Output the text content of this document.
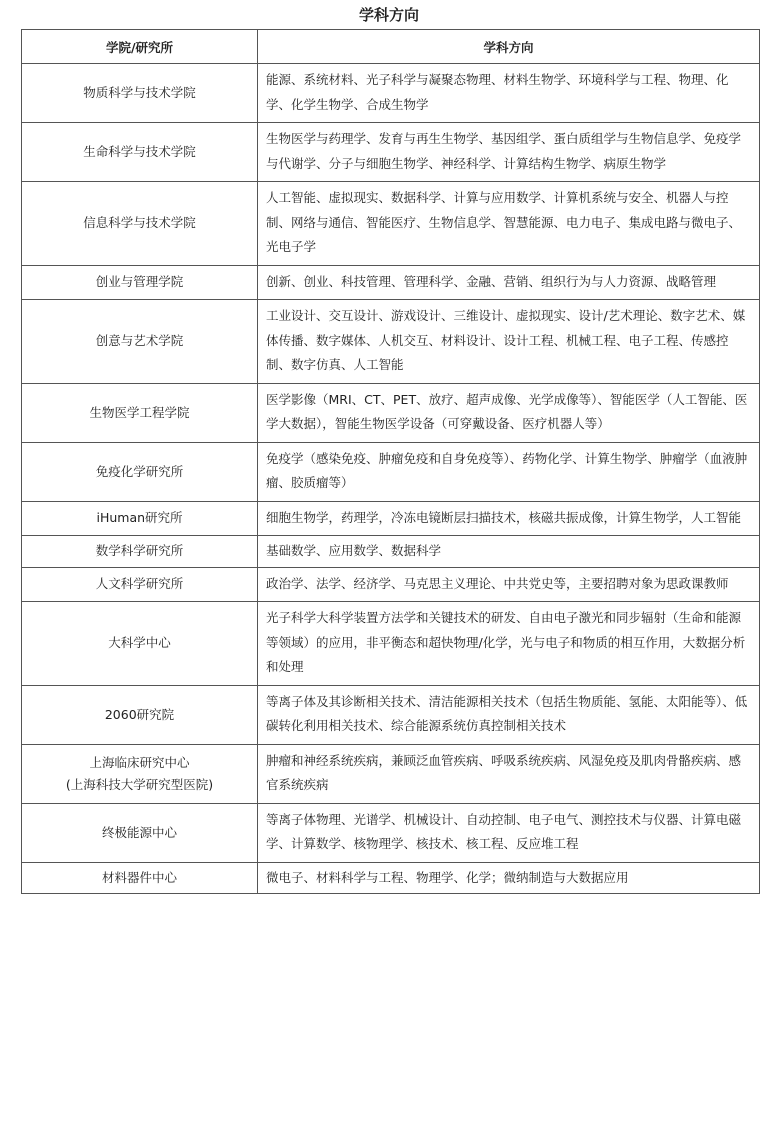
学科方向
学院/研究所	学科方向
物质科学与技术学院	能源、系统材料、光子科学与凝聚态物理、材料生物学、环境科学与工程、物理、化学、化学生物学、合成生物学
生命科学与技术学院	生物医学与药理学、发育与再生生物学、基因组学、蛋白质组学与生物信息学、免疫学与代谢学、分子与细胞生物学、神经科学、计算结构生物学、病原生物学
信息科学与技术学院	人工智能、虚拟现实、数据科学、计算与应用数学、计算机系统与安全、机器人与控制、网络与通信、智能医疗、生物信息学、智慧能源、电力电子、集成电路与微电子、光电子学
创业与管理学院	创新、创业、科技管理、管理科学、金融、营销、组织行为与人力资源、战略管理
创意与艺术学院	工业设计、交互设计、游戏设计、三维设计、虚拟现实、设计/艺术理论、数字艺术、媒体传播、数字媒体、人机交互、材料设计、设计工程、机械工程、电子工程、传感控制、数字仿真、人工智能
生物医学工程学院	医学影像（MRI、CT、PET、放疗、超声成像、光学成像等）、智能医学（人工智能、医学大数据），智能生物医学设备（可穿戴设备、医疗机器人等）
免疫化学研究所	免疫学（感染免疫、肿瘤免疫和自身免疫等）、药物化学、计算生物学、肿瘤学（血液肿瘤、胶质瘤等）
iHuman研究所	细胞生物学，药理学，冷冻电镜断层扫描技术，核磁共振成像，计算生物学，人工智能
数学科学研究所	基础数学、应用数学、数据科学
人文科学研究所	政治学、法学、经济学、马克思主义理论、中共党史等，主要招聘对象为思政课教师
大科学中心	光子科学大科学装置方法学和关键技术的研发、自由电子激光和同步辐射（生命和能源等领域）的应用，非平衡态和超快物理/化学，光与电子和物质的相互作用，大数据分析和处理
2060研究院	等离子体及其诊断相关技术、清洁能源相关技术（包括生物质能、氢能、太阳能等）、低碳转化利用相关技术、综合能源系统仿真控制相关技术
上海临床研究中心
(上海科技大学研究型医院)	肿瘤和神经系统疾病，兼顾泛血管疾病、呼吸系统疾病、风湿免疫及肌肉骨骼疾病、感官系统疾病
终极能源中心	等离子体物理、光谱学、机械设计、自动控制、电子电气、测控技术与仪器、计算电磁学、计算数学、核物理学、核技术、核工程、反应堆工程
材料器件中心	微电子、材料科学与工程、物理学、化学；微纳制造与大数据应用
